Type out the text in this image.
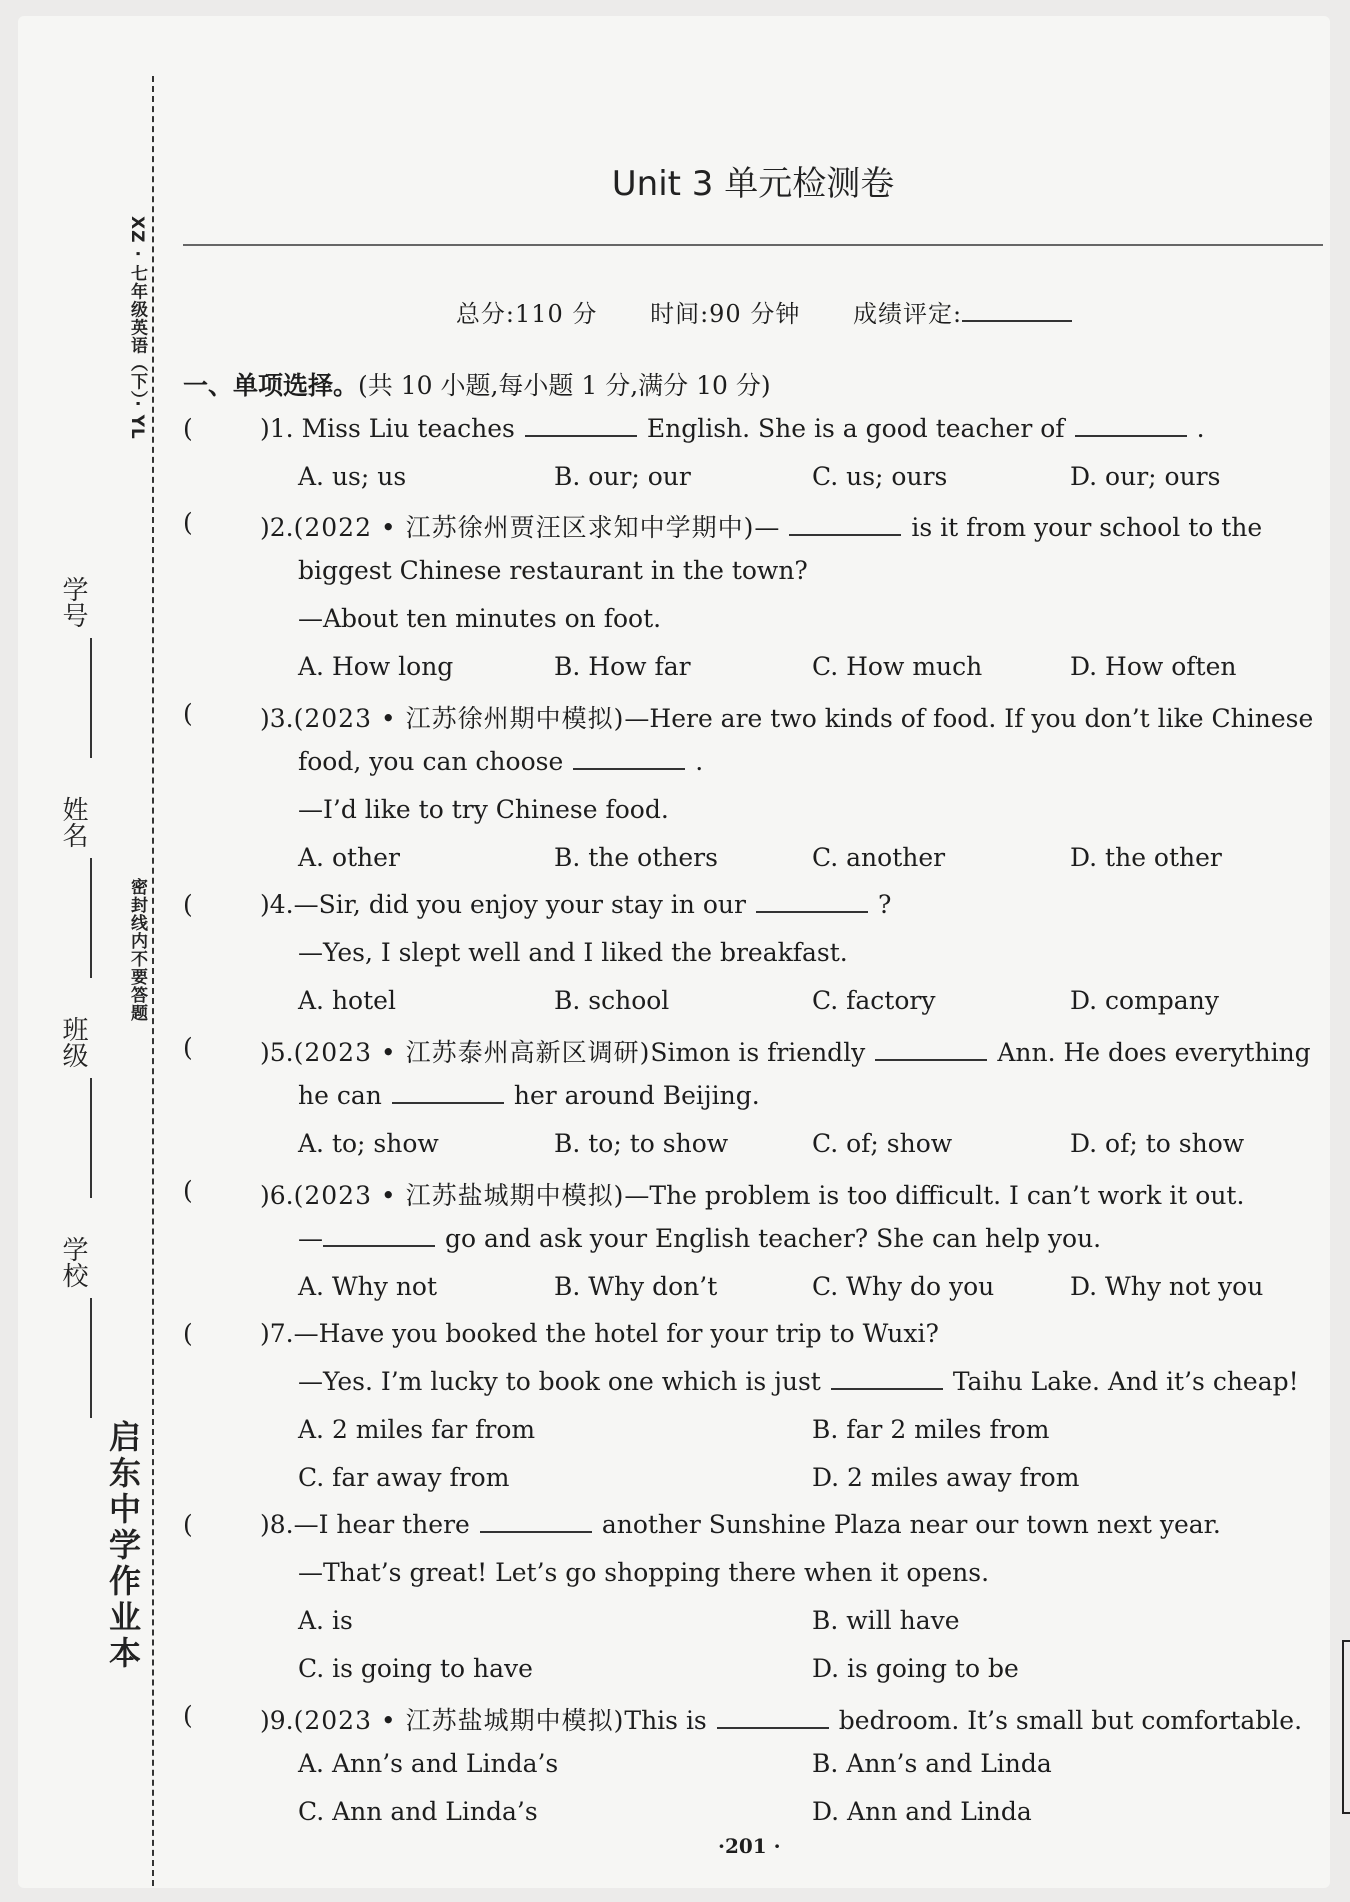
XZ · 七年级英语（下）· YL
密封线内不要答题
启东中学作业本
学号
姓名
班级
学校
Unit 3 单元检测卷
总分:110 分 时间:90 分钟 成绩评定:
一、单项选择。(共 10 小题,每小题 1 分,满分 10 分)
(	)1. Miss Liu teaches	English. She is a good teacher of	.
A. us; us	B. our; our	C. us; ours	D. our; ours
(	)2.(2022 • 江苏徐州贾汪区求知中学期中)—	is it from your school to the
biggest Chinese restaurant in the town?
—About ten minutes on foot.
A. How long	B. How far	C. How much	D. How often
(	)3.(2023 • 江苏徐州期中模拟)—Here are two kinds of food. If you don’t like Chinese
food, you can choose	.
—I’d like to try Chinese food.
A. other	B. the others	C. another	D. the other
(	)4.—Sir, did you enjoy your stay in our	?
—Yes, I slept well and I liked the breakfast.
A. hotel	B. school	C. factory	D. company
(	)5.(2023 • 江苏泰州高新区调研)Simon is friendly	Ann. He does everything
he can	her around Beijing.
A. to; show	B. to; to show	C. of; show	D. of; to show
(	)6.(2023 • 江苏盐城期中模拟)—The problem is too difficult. I can’t work it out.
—	go and ask your English teacher? She can help you.
A. Why not	B. Why don’t	C. Why do you	D. Why not you
(	)7.—Have you booked the hotel for your trip to Wuxi?
—Yes. I’m lucky to book one which is just	Taihu Lake. And it’s cheap!
A. 2 miles far from	B. far 2 miles from
C. far away from	D. 2 miles away from
(	)8.—I hear there	another Sunshine Plaza near our town next year.
—That’s great! Let’s go shopping there when it opens.
A. is	B. will have
C. is going to have	D. is going to be
(	)9.(2023 • 江苏盐城期中模拟)This is	bedroom. It’s small but comfortable.
A. Ann’s and Linda’s	B. Ann’s and Linda
C. Ann and Linda’s	D. Ann and Linda
·201 ·
